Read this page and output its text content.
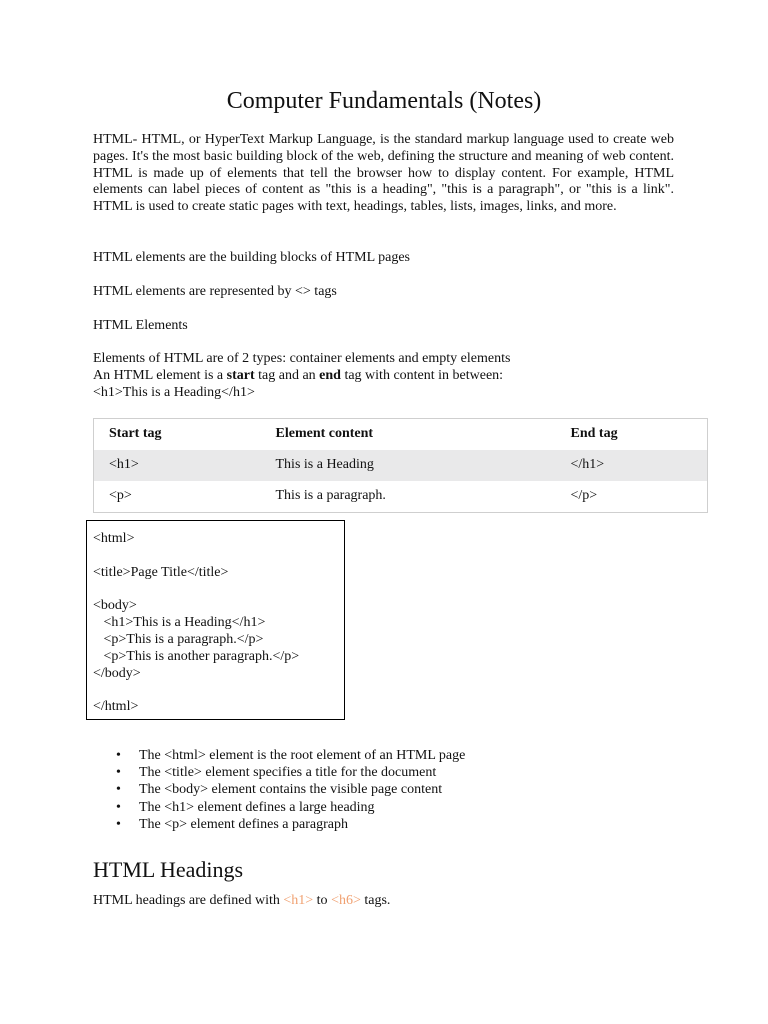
Computer Fundamentals (Notes)

HTML- HTML, or HyperText Markup Language, is the standard markup language used to create web pages. It's the most basic building block of the web, defining the structure and meaning of web content. HTML is made up of elements that tell the browser how to display content. For example, HTML elements can label pieces of content as "this is a heading", "this is a paragraph", or "this is a link". HTML is used to create static pages with text, headings, tables, lists, images, links, and more.

HTML elements are the building blocks of HTML pages

HTML elements are represented by <> tags

HTML Elements

Elements of HTML are of 2 types: container elements and empty elements

An HTML element is a start tag and an end tag with content in between:

<h1>This is a Heading</h1>

Start tag	Element content	End tag
<h1>	This is a Heading	</h1>
<p>	This is a paragraph.	</p>
<html>
<title>Page Title</title>
<body>
<h1>This is a Heading</h1>
<p>This is a paragraph.</p>
<p>This is another paragraph.</p>
</body>
</html>
• The <html> element is the root element of an HTML page
• The <title> element specifies a title for the document
• The <body> element contains the visible page content
• The <h1> element defines a large heading
• The <p> element defines a paragraph
HTML Headings

HTML headings are defined with <h1> to <h6> tags.
